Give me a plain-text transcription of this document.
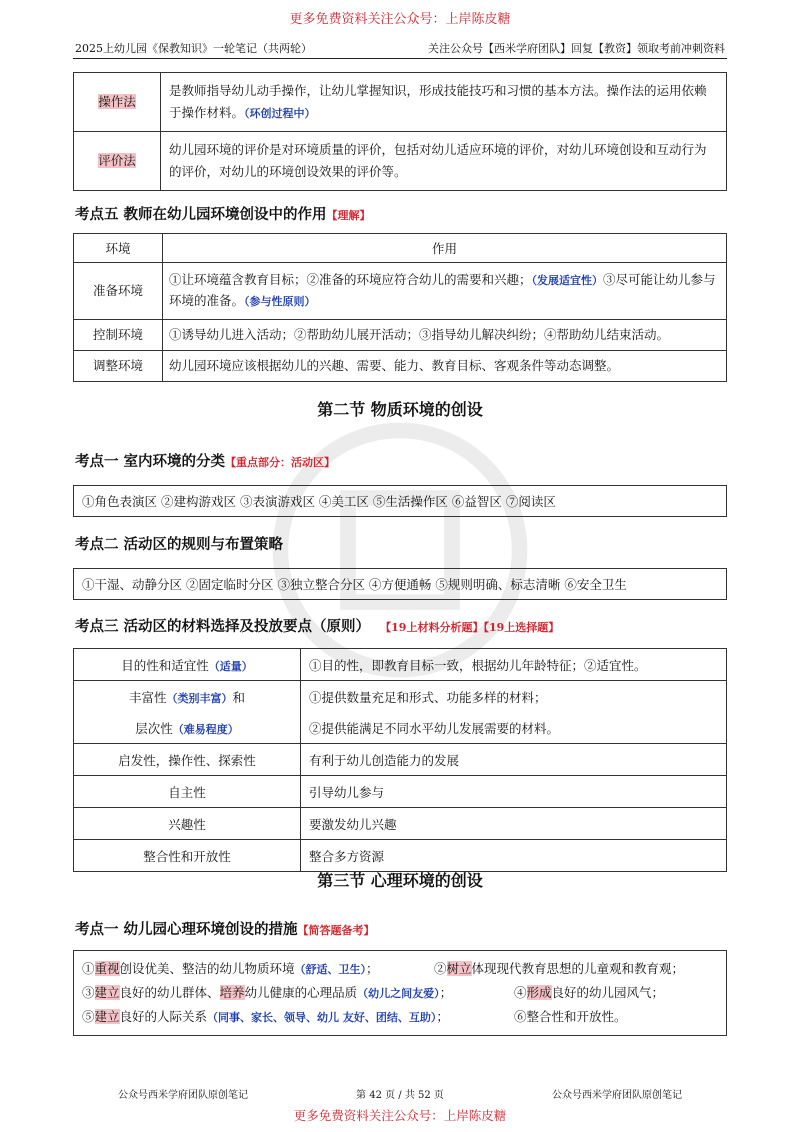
更多免费资料关注公众号：上岸陈皮糖
2025上幼儿园《保教知识》一轮笔记（共两轮）	关注公众号【西米学府团队】回复【教资】领取考前冲刺资料
操作法	是教师指导幼儿动手操作，让幼儿掌握知识，形成技能技巧和习惯的基本方法。操作法的运用依赖于操作材料。（环创过程中）
评价法	幼儿园环境的评价是对环境质量的评价，包括对幼儿适应环境的评价，对幼儿环境创设和互动行为的评价，对幼儿的环境创设效果的评价等。
考点五 教师在幼儿园环境创设中的作用【理解】
环境	作用
准备环境	①让环境蕴含教育目标；②准备的环境应符合幼儿的需要和兴趣；（发展适宜性）③尽可能让幼儿参与环境的准备。（参与性原则）
控制环境	①诱导幼儿进入活动；②帮助幼儿展开活动；③指导幼儿解决纠纷；④帮助幼儿结束活动。
调整环境	幼儿园环境应该根据幼儿的兴趣、需要、能力、教育目标、客观条件等动态调整。
第二节 物质环境的创设
考点一 室内环境的分类【重点部分：活动区】
①角色表演区 ②建构游戏区 ③表演游戏区 ④美工区 ⑤生活操作区 ⑥益智区 ⑦阅读区
考点二 活动区的规则与布置策略
①干湿、动静分区 ②固定临时分区 ③独立整合分区 ④方便通畅 ⑤规则明确、标志清晰 ⑥安全卫生
考点三 活动区的材料选择及投放要点（原则） 【19上材料分析题】【19上选择题】
目的性和适宜性（适量）	①目的性，即教育目标一致，根据幼儿年龄特征；②适宜性。
丰富性（类别丰富）和	①提供数量充足和形式、功能多样的材料；
层次性（难易程度）	②提供能满足不同水平幼儿发展需要的材料。
启发性，操作性、探索性	有利于幼儿创造能力的发展
自主性	引导幼儿参与
兴趣性	要激发幼儿兴趣
整合性和开放性	整合多方资源
第三节 心理环境的创设
考点一 幼儿园心理环境创设的措施【简答题备考】
①重视创设优美、整洁的幼儿物质环境（舒适、卫生）；	②树立体现现代教育思想的儿童观和教育观；
③建立良好的幼儿群体、培养幼儿健康的心理品质（幼儿之间友爱）；	④形成良好的幼儿园风气；
⑤建立良好的人际关系（同事、家长、领导、幼儿 友好、团结、互助）；	⑥整合性和开放性。
公众号西米学府团队原创笔记	第 42 页 / 共 52 页	公众号西米学府团队原创笔记
更多免费资料关注公众号：上岸陈皮糖
